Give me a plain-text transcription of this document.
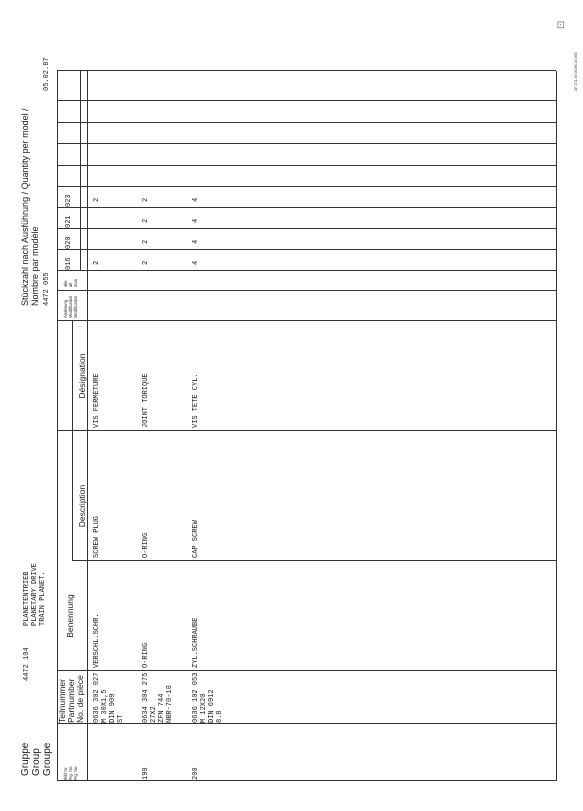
⊡
Gruppe Group Groupe
4472 104
PLANETENTRIEB PLANETARY DRIVE TRAIN PLANET.
Stückzahl nach Ausführung / Quantity per model / Nombre par modèle 4472 055
05.02.87
Bild Nr. Fig. No. Fig. No.
Teilnummer Partnumber No. de pièce
Benennung
Description
Désignation
Änderung Modification Modification
alle all tous
016
020
021
023
0636 302 027 M 30X1,5 DIN 909 ST
VERSCHL.SCHR.
SCREW PLUG
VIS FERMETURE
2
2
190
0634 304 275 27X2 ZFN 744 NBR-70-10
O-RING
O-RING
JOINT TORIQUE
2
2
2
2
200
0636 102 053 M 12X20 DIN 6912 8.8
ZYL.SCHRAUBE
CAP SCREW
VIS TETE CYL.
4
4
4
4
ZF-371.90 03.86 20.000
